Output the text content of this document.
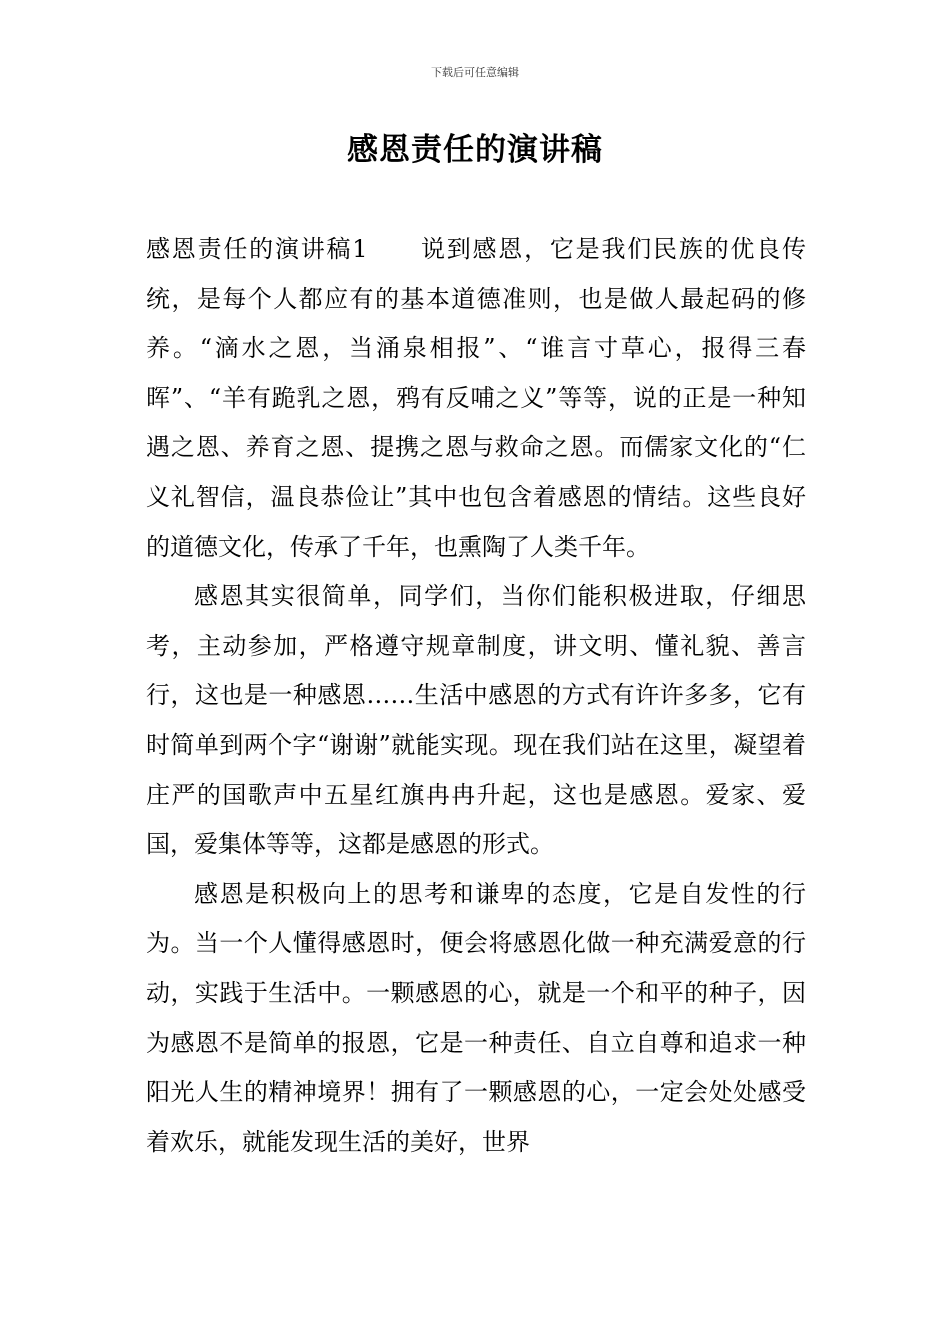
下载后可任意编辑
感恩责任的演讲稿

感恩责任的演讲稿1　　说到感恩，它是我们民族的优良传统，是每个人都应有的基本道德准则，也是做人最起码的修养。“滴水之恩，当涌泉相报”、“谁言寸草心，报得三春晖”、“羊有跪乳之恩，鸦有反哺之义”等等，说的正是一种知遇之恩、养育之恩、提携之恩与救命之恩。而儒家文化的“仁义礼智信，温良恭俭让”其中也包含着感恩的情结。这些良好的道德文化，传承了千年，也熏陶了人类千年。

感恩其实很简单，同学们，当你们能积极进取，仔细思考，主动参加，严格遵守规章制度，讲文明、懂礼貌、善言行，这也是一种感恩……生活中感恩的方式有许许多多，它有时简单到两个字“谢谢”就能实现。现在我们站在这里，凝望着庄严的国歌声中五星红旗冉冉升起，这也是感恩。爱家、爱国，爱集体等等，这都是感恩的形式。

感恩是积极向上的思考和谦卑的态度，它是自发性的行为。当一个人懂得感恩时，便会将感恩化做一种充满爱意的行动，实践于生活中。一颗感恩的心，就是一个和平的种子，因为感恩不是简单的报恩，它是一种责任、自立自尊和追求一种阳光人生的精神境界！拥有了一颗感恩的心，一定会处处感受着欢乐，就能发现生活的美好，世界
